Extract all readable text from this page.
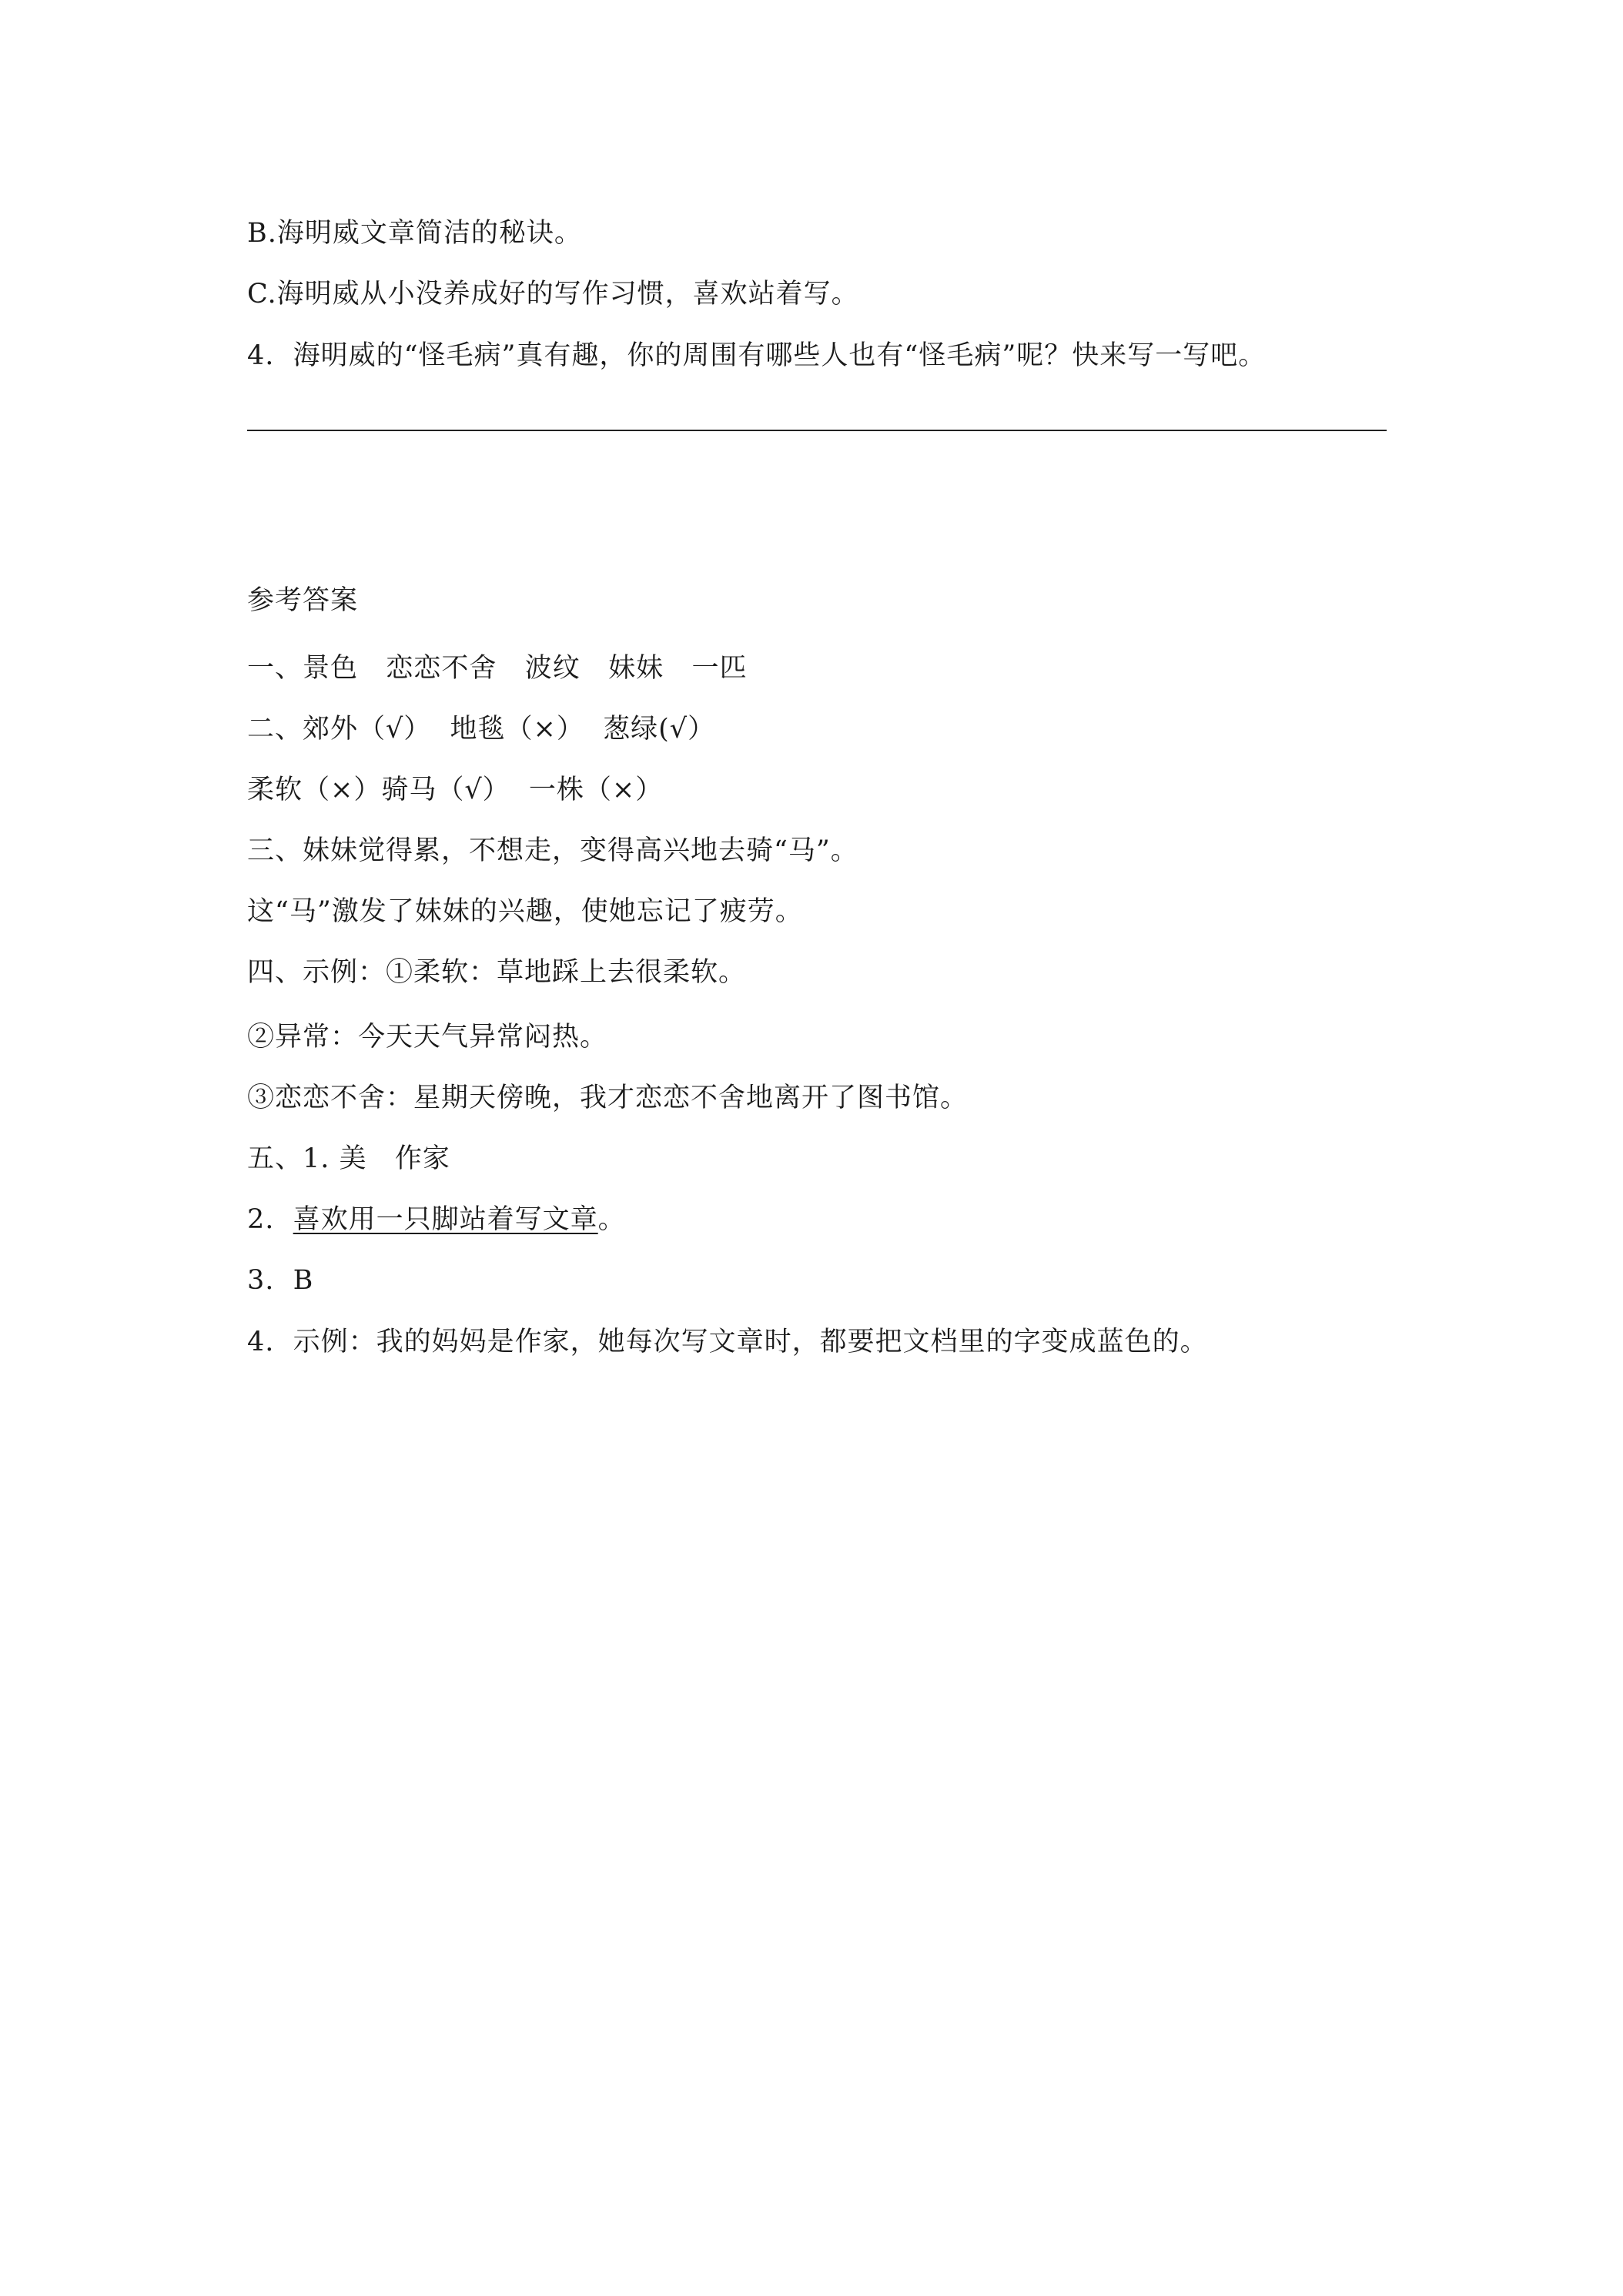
B.海明威文章简洁的秘诀。
C.海明威从小没养成好的写作习惯，喜欢站着写。
4.  海明威的“怪毛病”真有趣，你的周围有哪些人也有“怪毛病”呢？快来写一写吧。
参考答案
一、景色   恋恋不舍   波纹   妹妹   一匹
二、郊外（√）  地毯（×）  葱绿(√）
柔软（×）骑马（√）  一株（×）
三、妹妹觉得累，不想走，变得高兴地去骑“马”。
这“马”激发了妹妹的兴趣，使她忘记了疲劳。
四、示例：①柔软：草地踩上去很柔软。
②异常：今天天气异常闷热。
③恋恋不舍：星期天傍晚，我才恋恋不舍地离开了图书馆。
五、1. 美   作家
2.  喜欢用一只脚站着写文章。
3.  B
4.  示例：我的妈妈是作家，她每次写文章时，都要把文档里的字变成蓝色的。
